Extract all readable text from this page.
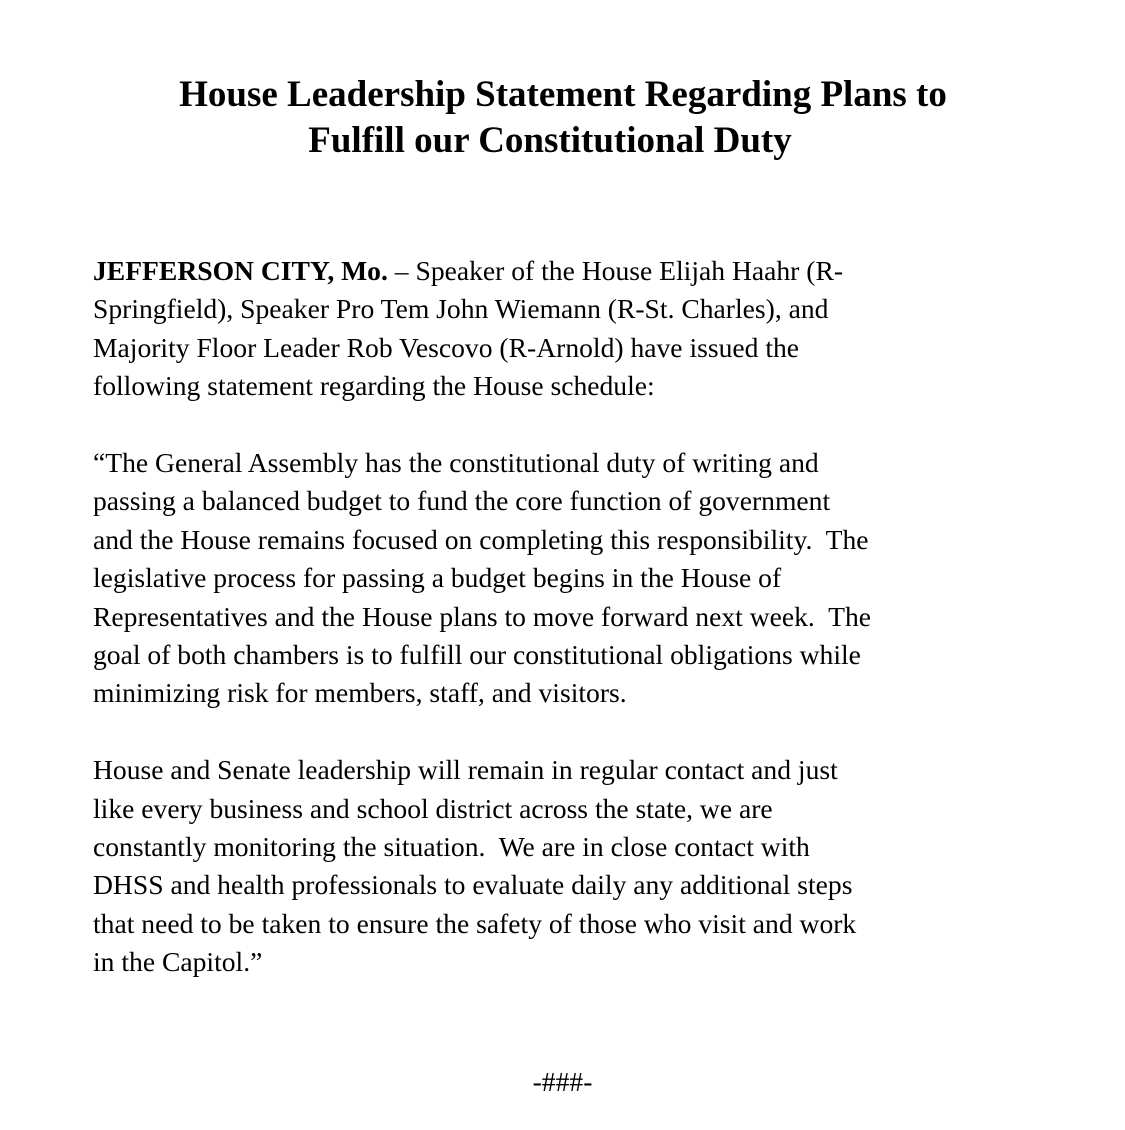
House Leadership Statement Regarding Plans to
Fulfill our Constitutional Duty

JEFFERSON CITY, Mo. – Speaker of the House Elijah Haahr (R-
Springfield), Speaker Pro Tem John Wiemann (R-St. Charles), and
Majority Floor Leader Rob Vescovo (R-Arnold) have issued the
following statement regarding the House schedule:

“The General Assembly has the constitutional duty of writing and
passing a balanced budget to fund the core function of government
and the House remains focused on completing this responsibility.  The
legislative process for passing a budget begins in the House of
Representatives and the House plans to move forward next week.  The
goal of both chambers is to fulfill our constitutional obligations while
minimizing risk for members, staff, and visitors.

House and Senate leadership will remain in regular contact and just
like every business and school district across the state, we are
constantly monitoring the situation.  We are in close contact with
DHSS and health professionals to evaluate daily any additional steps
that need to be taken to ensure the safety of those who visit and work
in the Capitol.”

-###-
